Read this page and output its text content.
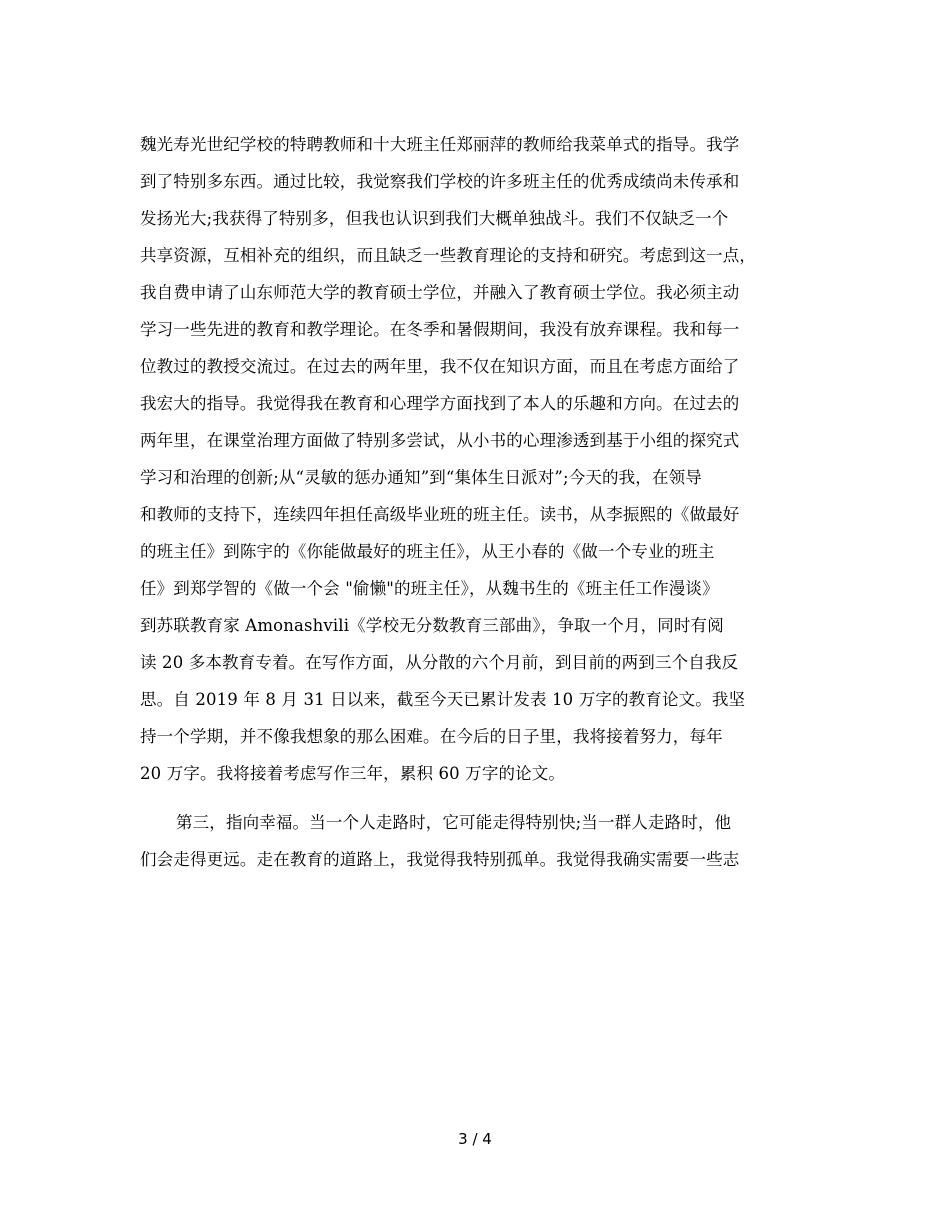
魏光寿光世纪学校的特聘教师和十大班主任郑丽萍的教师给我菜单式的指导。我学
到了特别多东西。通过比较，我觉察我们学校的许多班主任的优秀成绩尚未传承和
发扬光大;我获得了特别多，但我也认识到我们大概单独战斗。我们不仅缺乏一个
共享资源，互相补充的组织，而且缺乏一些教育理论的支持和研究。考虑到这一点，
我自费申请了山东师范大学的教育硕士学位，并融入了教育硕士学位。我必须主动
学习一些先进的教育和教学理论。在冬季和暑假期间，我没有放弃课程。我和每一
位教过的教授交流过。在过去的两年里，我不仅在知识方面，而且在考虑方面给了
我宏大的指导。我觉得我在教育和心理学方面找到了本人的乐趣和方向。在过去的
两年里，在课堂治理方面做了特别多尝试，从小书的心理渗透到基于小组的探究式
学习和治理的创新;从“灵敏的惩办通知”到“集体生日派对”;今天的我，在领导
和教师的支持下，连续四年担任高级毕业班的班主任。读书，从李振熙的《做最好
的班主任》到陈宇的《你能做最好的班主任》，从王小春的《做一个专业的班主
任》到郑学智的《做一个会 "偷懒"的班主任》，从魏书生的《班主任工作漫谈》
到苏联教育家 Amonashvili《学校无分数教育三部曲》，争取一个月，同时有阅
读 20 多本教育专着。在写作方面，从分散的六个月前，到目前的两到三个自我反
思。自 2019 年 8 月 31 日以来，截至今天已累计发表 10 万字的教育论文。我坚
持一个学期，并不像我想象的那么困难。在今后的日子里，我将接着努力，每年
20 万字。我将接着考虑写作三年，累积 60 万字的论文。
第三，指向幸福。当一个人走路时，它可能走得特别快;当一群人走路时，他
们会走得更远。走在教育的道路上，我觉得我特别孤单。我觉得我确实需要一些志
3 / 4
